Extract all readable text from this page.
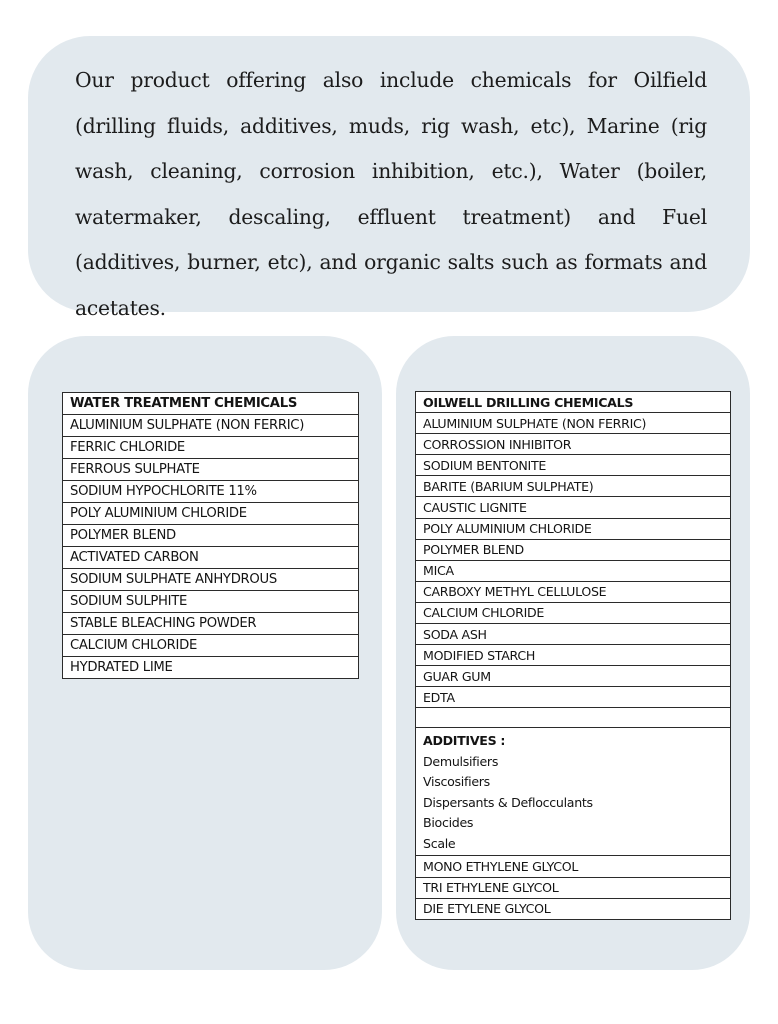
Our product offering also include chemicals for Oilfield (drilling fluids, additives, muds, rig wash, etc), Marine (rig wash, cleaning, corrosion inhibition, etc.), Water (boiler, watermaker, descaling, effluent treatment) and Fuel (additives, burner, etc), and organic salts such as formats and acetates.

WATER TREATMENT CHEMICALS
ALUMINIUM SULPHATE (NON FERRIC)
FERRIC CHLORIDE
FERROUS SULPHATE
SODIUM HYPOCHLORITE 11%
POLY ALUMINIUM CHLORIDE
POLYMER BLEND
ACTIVATED CARBON
SODIUM SULPHATE ANHYDROUS
SODIUM SULPHITE
STABLE BLEACHING POWDER
CALCIUM CHLORIDE
HYDRATED LIME
OILWELL DRILLING CHEMICALS
ALUMINIUM SULPHATE (NON FERRIC)
CORROSSION INHIBITOR
SODIUM BENTONITE
BARITE (BARIUM SULPHATE)
CAUSTIC LIGNITE
POLY ALUMINIUM CHLORIDE
POLYMER BLEND
MICA
CARBOXY METHYL CELLULOSE
CALCIUM CHLORIDE
SODA ASH
MODIFIED STARCH
GUAR GUM
EDTA

ADDITIVES :
Demulsifiers
Viscosifiers
Dispersants & Deflocculants
Biocides
Scale

MONO ETHYLENE GLYCOL
TRI ETHYLENE GLYCOL
DIE ETYLENE GLYCOL
